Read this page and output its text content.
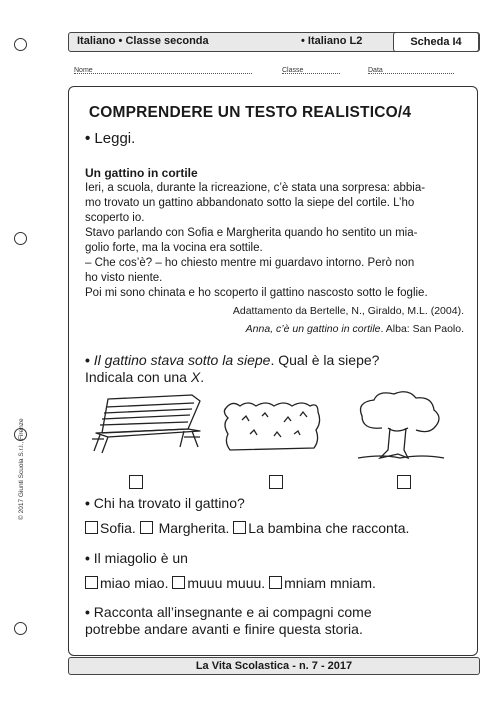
Italiano • Classe seconda	• Italiano L2	Scheda I4
Nome	Classe	Data
COMPRENDERE UN TESTO REALISTICO/4
• Leggi.
Un gattino in cortile
Ieri, a scuola, durante la ricreazione, c’è stata una sorpresa: abbia-
mo trovato un gattino abbandonato sotto la siepe del cortile. L’ho
scoperto io.
Stavo parlando con Sofia e Margherita quando ho sentito un mia-
golio forte, ma la vocina era sottile.
– Che cos’è? – ho chiesto mentre mi guardavo intorno. Però non
ho visto niente.
Poi mi sono chinata e ho scoperto il gattino nascosto sotto le foglie.
Adattamento da Bertelle, N., Giraldo, M.L. (2004).
Anna, c’è un gattino in cortile. Alba: San Paolo.
• Il gattino stava sotto la siepe. Qual è la siepe?
Indicala con una X.
• Chi ha trovato il gattino?
Sofia. Margherita. La bambina che racconta.
• Il miagolio è un
miao miao. muuu muuu. mniam mniam.
• Racconta all’insegnante e ai compagni come
potrebbe andare avanti e finire questa storia.
© 2017 Giunti Scuola S.r.l., Firenze
La Vita Scolastica - n. 7 - 2017
